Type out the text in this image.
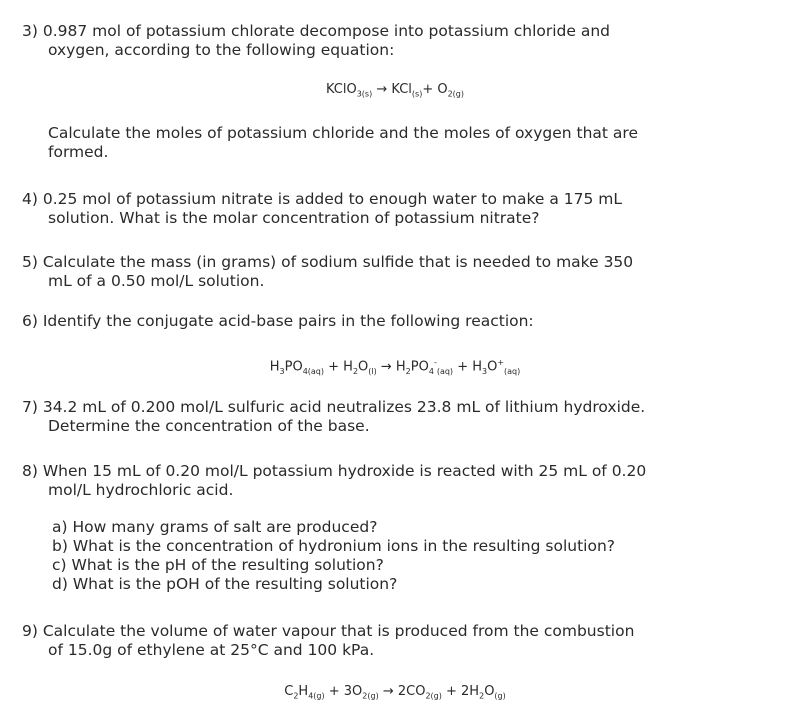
3) 0.987 mol of potassium chlorate decompose into potassium chloride and
oxygen, according to the following equation:
KClO$_{3(s)}$ → $KCl_{(s)}+ O_{2(g)}$
Calculate the moles of potassium chloride and the moles of oxygen that are
formed.
4) 0.25 mol of potassium nitrate is added to enough water to make a 175 mL
solution. What is the molar concentration of potassium nitrate?
5) Calculate the mass (in grams) of sodium sulfide that is needed to make 350
mL of a 0.50 mol/L solution.
6) Identify the conjugate acid-base pairs in the following reaction:
$H_3PO_{4(aq)} + H_2O_{(l)} \to H_2PO_4^-_{(aq)} + H_3O^+_{(aq)}$
7) 34.2 mL of 0.200 mol/L sulfuric acid neutralizes 23.8 mL of lithium hydroxide.
Determine the concentration of the base.
8) When 15 mL of 0.20 mol/L potassium hydroxide is reacted with 25 mL of 0.20
mol/L hydrochloric acid.
a) How many grams of salt are produced?
b) What is the concentration of hydronium ions in the resulting solution?
c) What is the pH of the resulting solution?
d) What is the pOH of the resulting solution?
9) Calculate the volume of water vapour that is produced from the combustion
of 15.0g of ethylene at 25°C and 100 kPa.
$C_2H_{4(g)} + 3O_{2(g)} \to 2CO_{2(g)} + 2H_2O_{(g)}$
